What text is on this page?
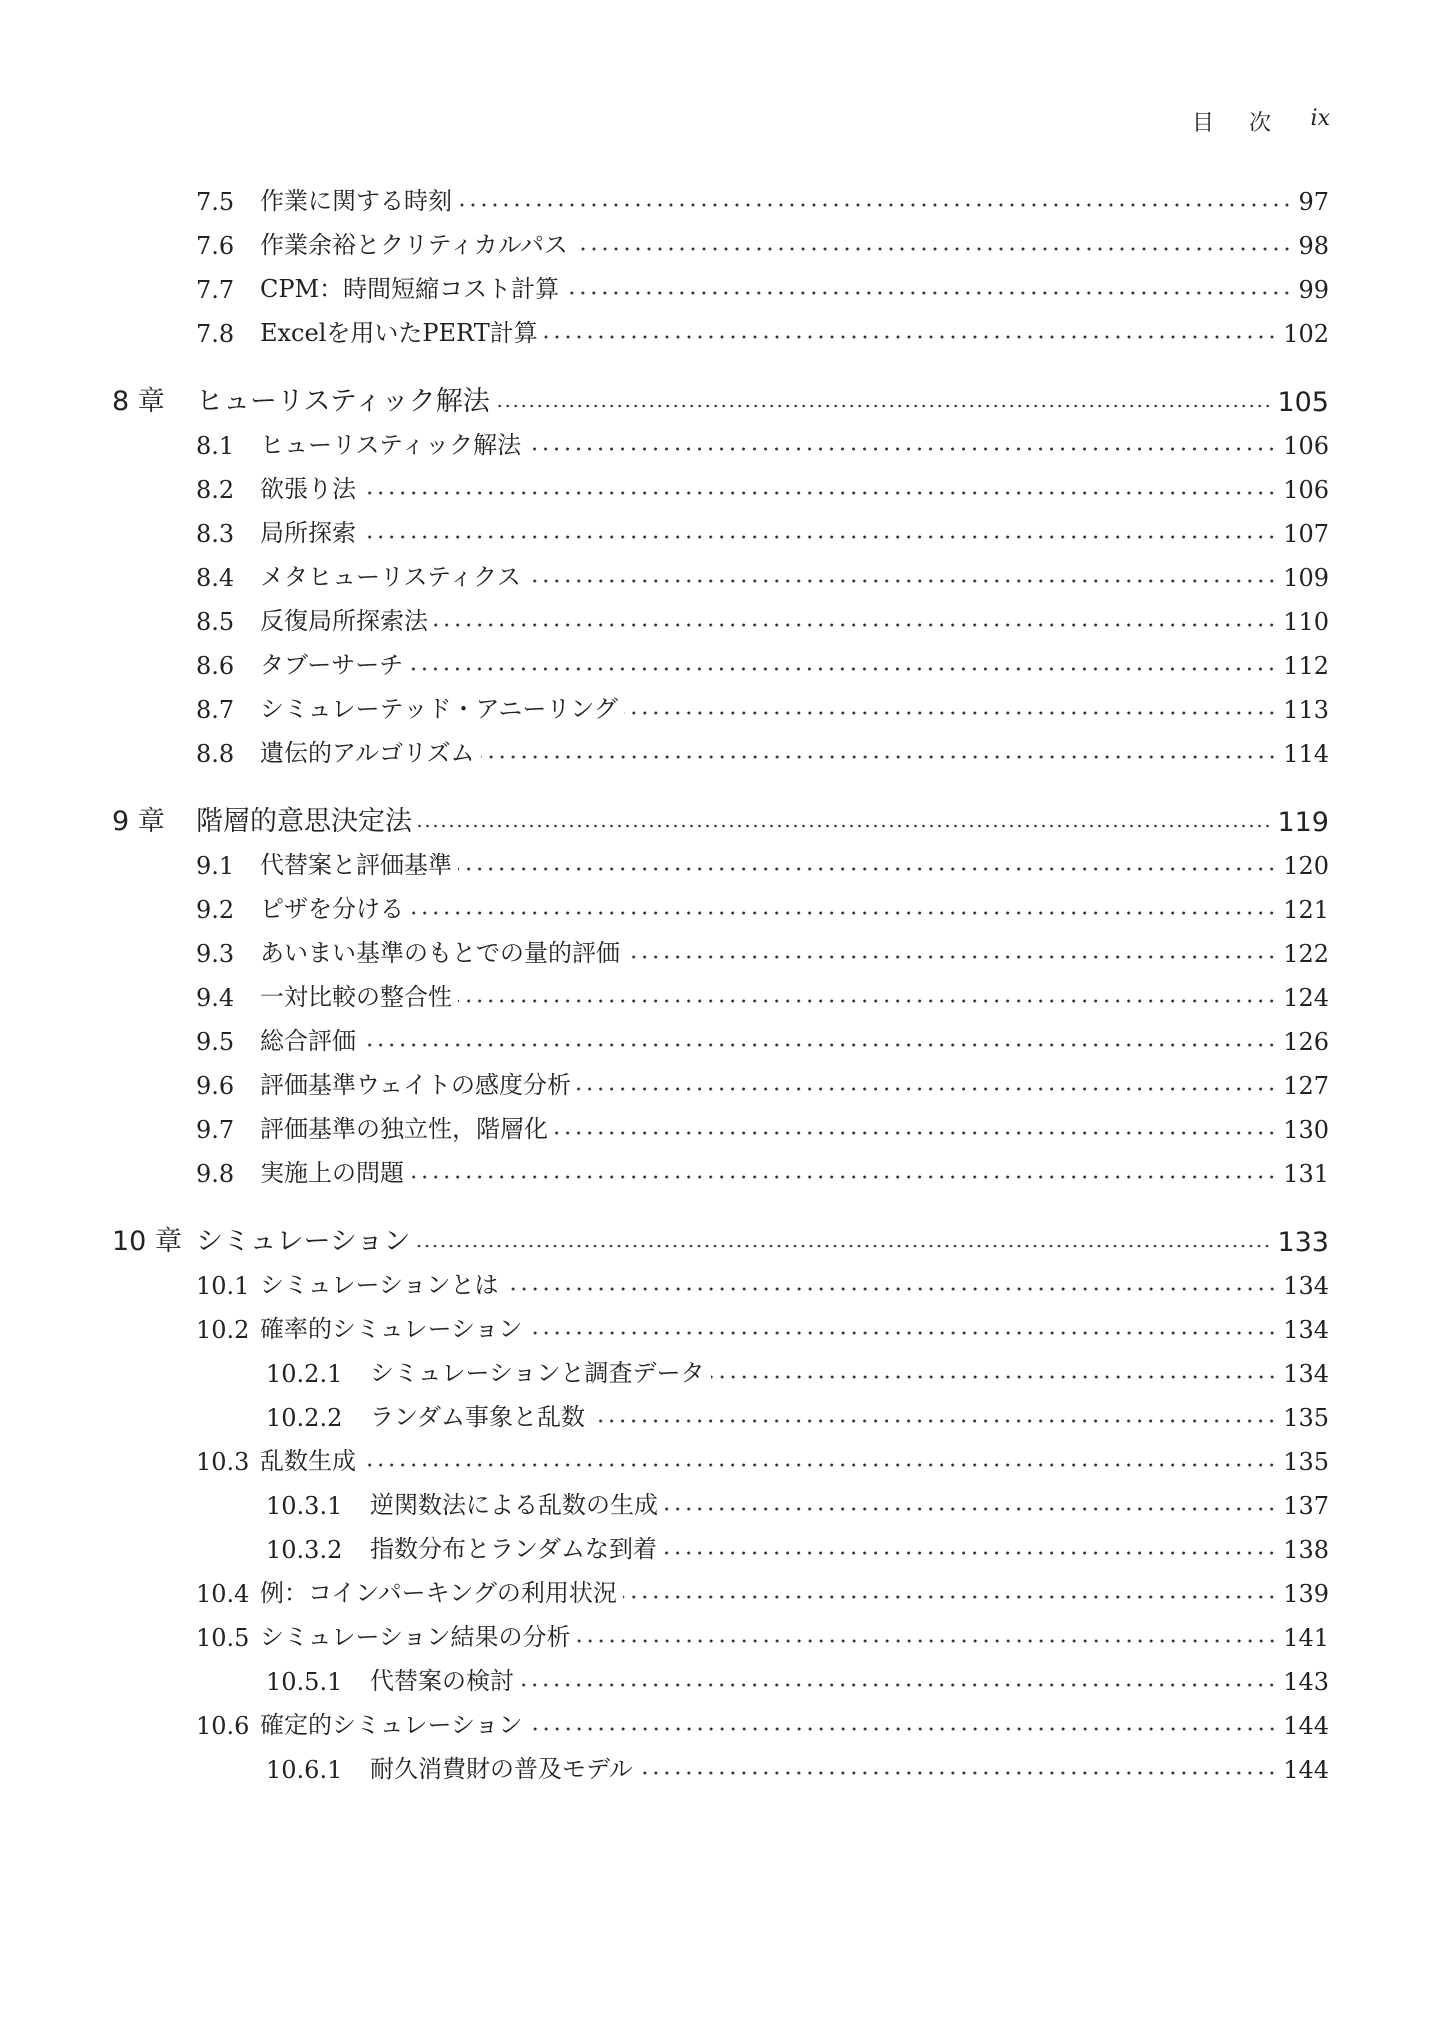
目 次 ix
7.5	作業に関する時刻	97
7.6	作業余裕とクリティカルパス	98
7.7	CPM：時間短縮コスト計算	99
7.8	Excelを用いたPERT計算	102
8 章	ヒューリスティック解法	105
8.1	ヒューリスティック解法	106
8.2	欲張り法	106
8.3	局所探索	107
8.4	メタヒューリスティクス	109
8.5	反復局所探索法	110
8.6	タブーサーチ	112
8.7	シミュレーテッド・アニーリング	113
8.8	遺伝的アルゴリズム	114
9 章	階層的意思決定法	119
9.1	代替案と評価基準	120
9.2	ピザを分ける	121
9.3	あいまい基準のもとでの量的評価	122
9.4	一対比較の整合性	124
9.5	総合評価	126
9.6	評価基準ウェイトの感度分析	127
9.7	評価基準の独立性，階層化	130
9.8	実施上の問題	131
10 章 シミュレーション	133
10.1 シミュレーションとは	134
10.2 確率的シミュレーション	134
10.2.1	シミュレーションと調査データ	134
10.2.2	ランダム事象と乱数	135
10.3 乱数生成	135
10.3.1	逆関数法による乱数の生成	137
10.3.2	指数分布とランダムな到着	138
10.4 例：コインパーキングの利用状況	139
10.5 シミュレーション結果の分析	141
10.5.1	代替案の検討	143
10.6 確定的シミュレーション	144
10.6.1	耐久消費財の普及モデル	144
